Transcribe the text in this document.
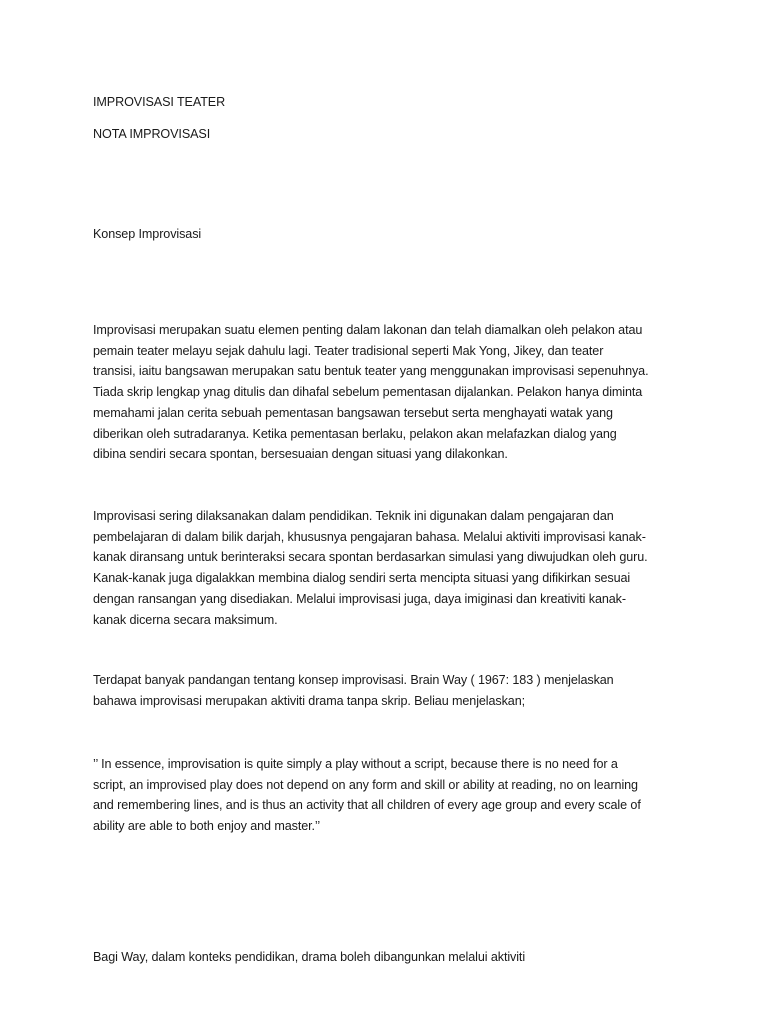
IMPROVISASI TEATER

NOTA IMPROVISASI

Konsep Improvisasi

Improvisasi merupakan suatu elemen penting dalam lakonan dan telah diamalkan oleh pelakon atau
pemain teater melayu sejak dahulu lagi. Teater tradisional seperti Mak Yong, Jikey, dan teater
transisi, iaitu bangsawan merupakan satu bentuk teater yang menggunakan improvisasi sepenuhnya.
Tiada skrip lengkap ynag ditulis dan dihafal sebelum pementasan dijalankan. Pelakon hanya diminta
memahami jalan cerita sebuah pementasan bangsawan tersebut serta menghayati watak yang
diberikan oleh sutradaranya. Ketika pementasan berlaku, pelakon akan melafazkan dialog yang
dibina sendiri secara spontan, bersesuaian dengan situasi yang dilakonkan.

Improvisasi sering dilaksanakan dalam pendidikan. Teknik ini digunakan dalam pengajaran dan
pembelajaran di dalam bilik darjah, khususnya pengajaran bahasa. Melalui aktiviti improvisasi kanak-
kanak diransang untuk berinteraksi secara spontan berdasarkan simulasi yang diwujudkan oleh guru.
Kanak-kanak juga digalakkan membina dialog sendiri serta mencipta situasi yang difikirkan sesuai
dengan ransangan yang disediakan. Melalui improvisasi juga, daya imiginasi dan kreativiti kanak-
kanak dicerna secara maksimum.

Terdapat banyak pandangan tentang konsep improvisasi. Brain Way ( 1967: 183 ) menjelaskan
bahawa improvisasi merupakan aktiviti drama tanpa skrip. Beliau menjelaskan;

’’ In essence, improvisation is quite simply a play without a script, because there is no need for a
script, an improvised play does not depend on any form and skill or ability at reading, no on learning
and remembering lines, and is thus an activity that all children of every age group and every scale of
ability are able to both enjoy and master.’’

Bagi Way, dalam konteks pendidikan, drama boleh dibangunkan melalui aktiviti
